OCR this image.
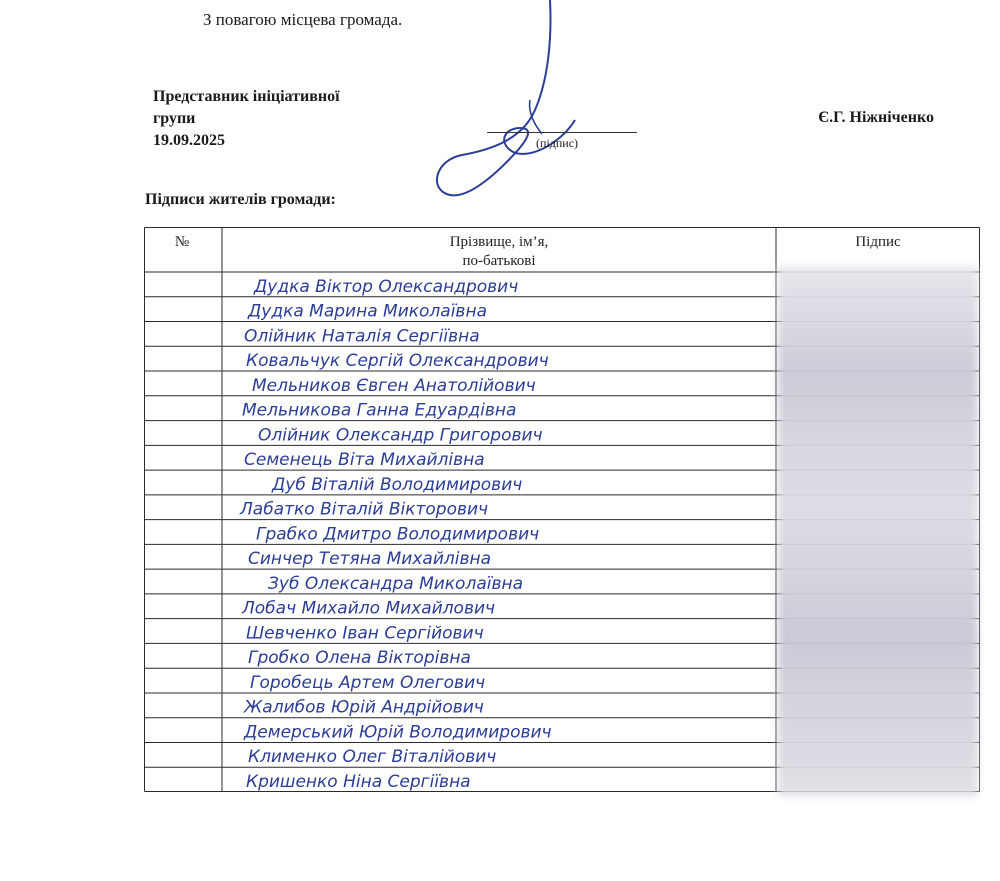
З повагою місцева громада.
Представник ініціативної
групи
19.09.2025	(підпис)
Є.Г. Ніжніченко
Підписи жителів громади:
№	Прізвище, ім’я,
по-батькові
Підпис
Дудка Віктор Олександрович
Дудка Марина Миколаївна
Олійник Наталія Сергіївна
Ковальчук Сергій Олександрович
Мельников Євген Анатолійович
Мельникова Ганна Едуардівна
Олійник Олександр Григорович
Семенець Віта Михайлівна
Дуб Віталій Володимирович
Лабатко Віталій Вікторович
Грабко Дмитро Володимирович
Синчер Тетяна Михайлівна
Зуб Олександра Миколаївна
Лобач Михайло Михайлович
Шевченко Іван Сергійович
Гробко Олена Вікторівна
Горобець Артем Олегович
Жалибов Юрій Андрійович
Демерський Юрій Володимирович
Клименко Олег Віталійович
Кришенко Ніна Сергіївна
